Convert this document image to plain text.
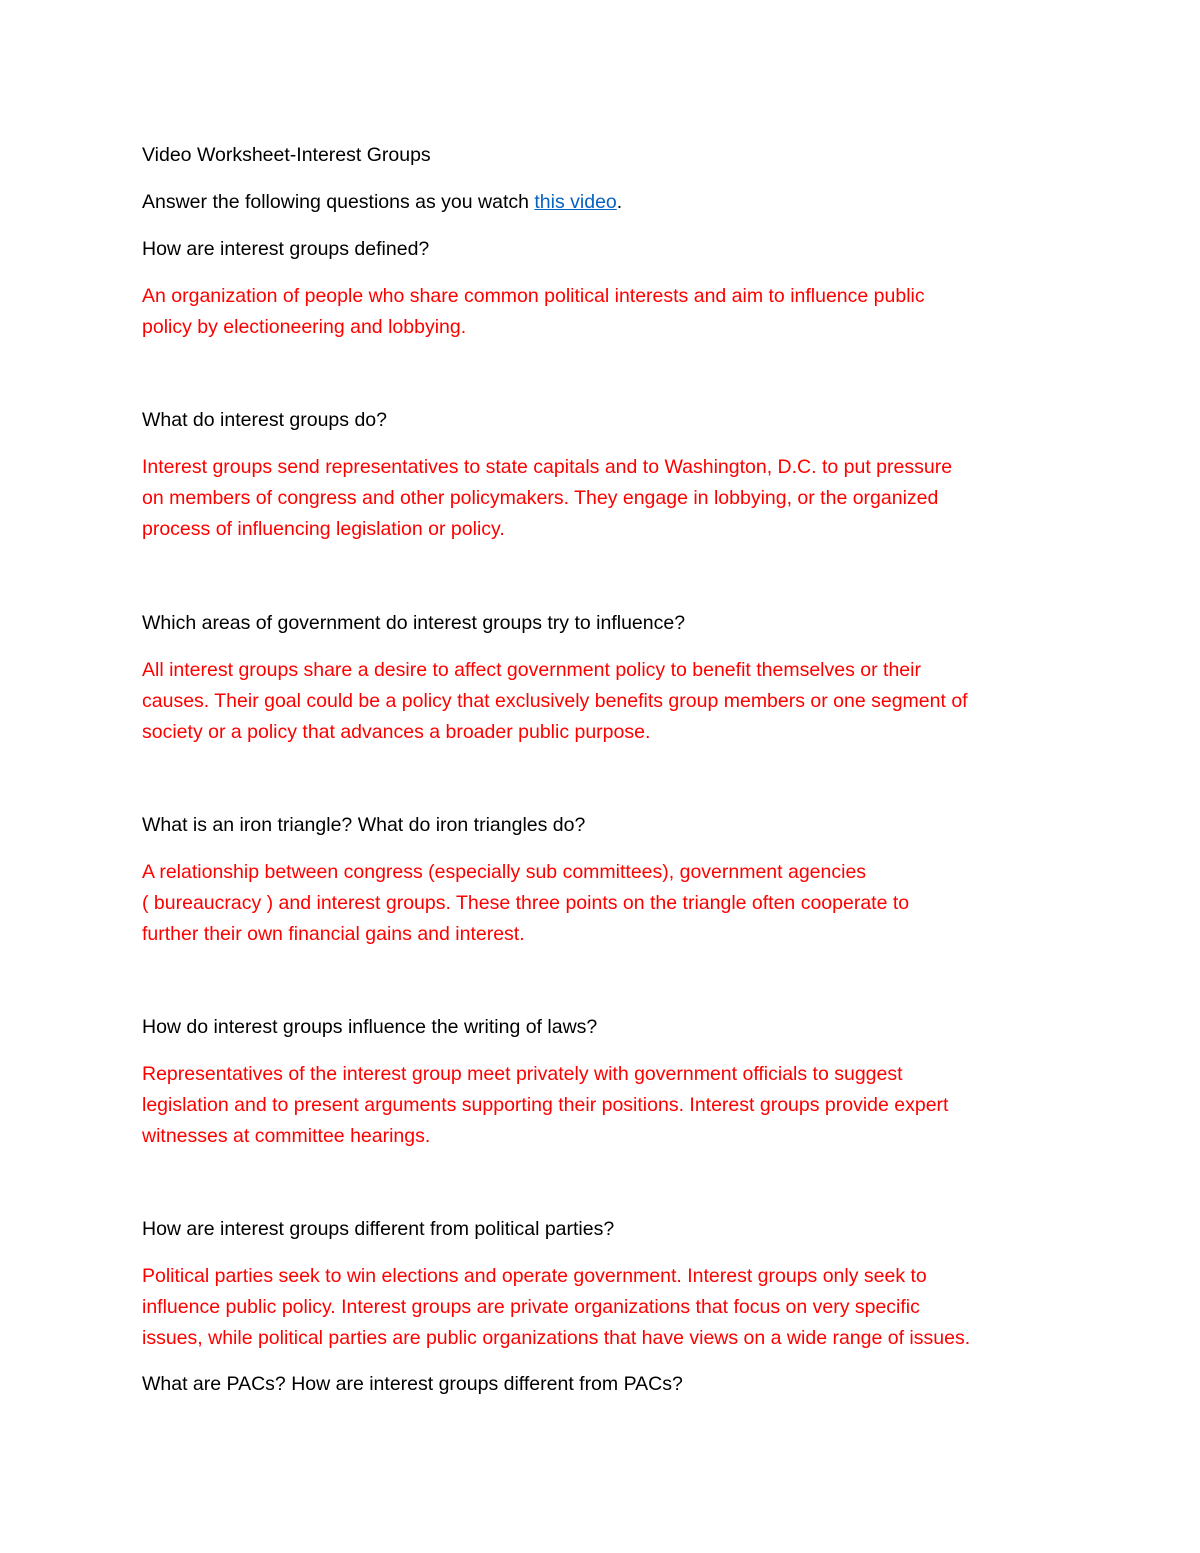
Video Worksheet-Interest Groups

Answer the following questions as you watch this video.

How are interest groups defined?

An organization of people who share common political interests and aim to influence public
policy by electioneering and lobbying.

What do interest groups do?

Interest groups send representatives to state capitals and to Washington, D.C. to put pressure
on members of congress and other policymakers. They engage in lobbying, or the organized
process of influencing legislation or policy.

Which areas of government do interest groups try to influence?

All interest groups share a desire to affect government policy to benefit themselves or their
causes. Their goal could be a policy that exclusively benefits group members or one segment of
society or a policy that advances a broader public purpose.

What is an iron triangle? What do iron triangles do?

A relationship between congress (especially sub committees), government agencies
( bureaucracy ) and interest groups. These three points on the triangle often cooperate to
further their own financial gains and interest.

How do interest groups influence the writing of laws?

Representatives of the interest group meet privately with government officials to suggest
legislation and to present arguments supporting their positions. Interest groups provide expert
witnesses at committee hearings.

How are interest groups different from political parties?

Political parties seek to win elections and operate government. Interest groups only seek to
influence public policy. Interest groups are private organizations that focus on very specific
issues, while political parties are public organizations that have views on a wide range of issues.

What are PACs? How are interest groups different from PACs?
